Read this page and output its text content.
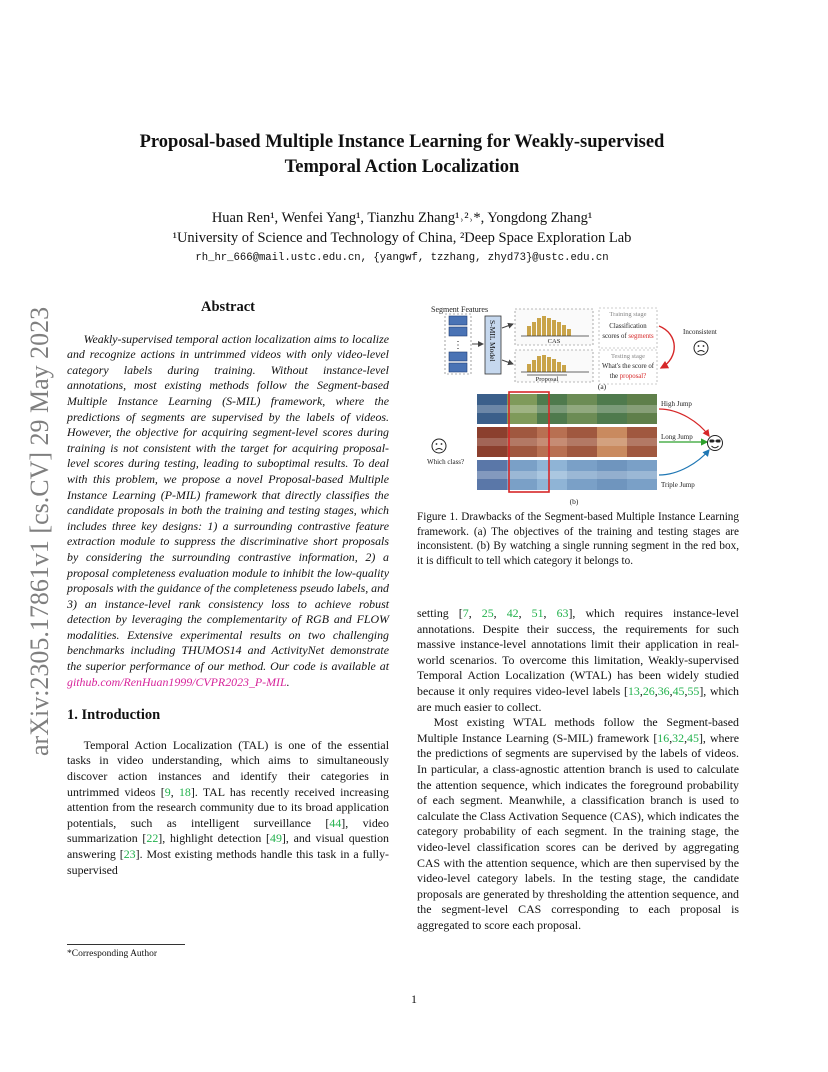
arXiv:2305.17861v1 [cs.CV] 29 May 2023
Proposal-based Multiple Instance Learning for Weakly-supervised
Temporal Action Localization
Huan Ren¹, Wenfei Yang¹, Tianzhu Zhang¹˒²˒*, Yongdong Zhang¹
¹University of Science and Technology of China, ²Deep Space Exploration Lab
rh_hr_666@mail.ustc.edu.cn, {yangwf, tzzhang, zhyd73}@ustc.edu.cn
Abstract

Weakly-supervised temporal action localization aims to localize and recognize actions in untrimmed videos with only video-level category labels during training. Without instance-level annotations, most existing methods follow the Segment-based Multiple Instance Learning (S-MIL) framework, where the predictions of segments are supervised by the labels of videos. However, the objective for acquiring segment-level scores during training is not consistent with the target for acquiring proposal-level scores during testing, leading to suboptimal results. To deal with this problem, we propose a novel Proposal-based Multiple Instance Learning (P-MIL) framework that directly classifies the candidate proposals in both the training and testing stages, which includes three key designs: 1) a surrounding contrastive feature extraction module to suppress the discriminative short proposals by considering the surrounding contrastive information, 2) a proposal completeness evaluation module to inhibit the low-quality proposals with the guidance of the completeness pseudo labels, and 3) an instance-level rank consistency loss to achieve robust detection by leveraging the complementarity of RGB and FLOW modalities. Extensive experimental results on two challenging benchmarks including THUMOS14 and ActivityNet demonstrate the superior performance of our method. Our code is available at github.com/RenHuan1999/CVPR2023_P-MIL.

1. Introduction

Temporal Action Localization (TAL) is one of the essential tasks in video understanding, which aims to simultaneously discover action instances and identify their categories in untrimmed videos [9, 18]. TAL has recently received increasing attention from the research community due to its broad application potentials, such as intelligent surveillance [44], video summarization [22], highlight detection [49], and visual question answering [23]. Most existing methods handle this task in a fully-supervised

*Corresponding Author
Segment Features
⋮	S-MIL Model	CAS
Proposal
Training stage
Classification
scores of segments
Testing stage
What's the score of
the proposal?
Inconsistent
(a)
Which class?
High Jump
Long Jump
Triple Jump
(b)
Figure 1. Drawbacks of the Segment-based Multiple Instance Learning framework. (a) The objectives of the training and testing stages are inconsistent. (b) By watching a single running segment in the red box, it is difficult to tell which category it belongs to.

setting [7, 25, 42, 51, 63], which requires instance-level annotations. Despite their success, the requirements for such massive instance-level annotations limit their application in real-world scenarios. To overcome this limitation, Weakly-supervised Temporal Action Localization (WTAL) has been widely studied because it only requires video-level labels [13,26,36,45,55], which are much easier to collect.

Most existing WTAL methods follow the Segment-based Multiple Instance Learning (S-MIL) framework [16,32,45], where the predictions of segments are supervised by the labels of videos. In particular, a class-agnostic attention branch is used to calculate the attention sequence, which indicates the foreground probability of each segment. Meanwhile, a classification branch is used to calculate the Class Activation Sequence (CAS), which indicates the category probability of each segment. In the training stage, the video-level classification scores can be derived by aggregating CAS with the attention sequence, which are then supervised by the video-level category labels. In the testing stage, the candidate proposals are generated by thresholding the attention sequence, and the segment-level CAS corresponding to each proposal is aggregated to score each proposal.

1
